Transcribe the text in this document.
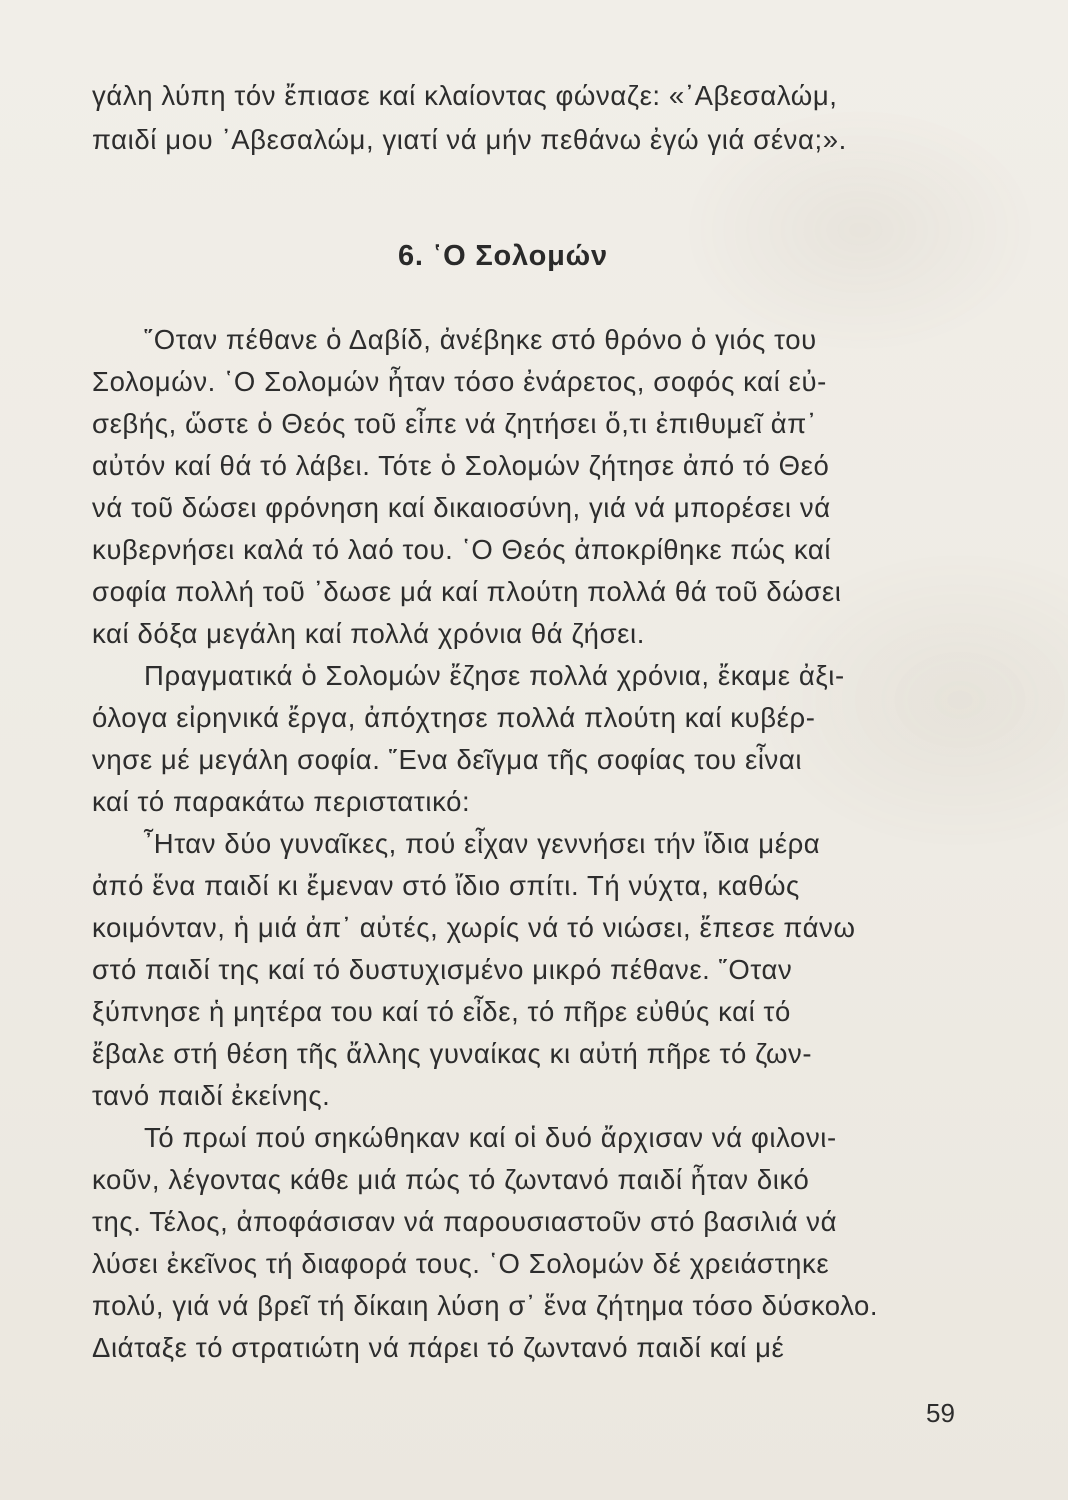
γάλη λύπη τόν ἔπιασε καί κλαίοντας φώναζε: «᾿Αβεσαλώμ,
παιδί μου ᾿Αβεσαλώμ, γιατί νά μήν πεθάνω ἐγώ γιά σένα;».
6. ῾Ο Σολομών
῞Οταν πέθανε ὁ Δαβίδ, ἀνέβηκε στό θρόνο ὁ γιός του
Σολομών. ῾Ο Σολομών ἦταν τόσο ἐνάρετος, σοφός καί εὐ-
σεβής, ὥστε ὁ Θεός τοῦ εἶπε νά ζητήσει ὅ,τι ἐπιθυμεῖ ἀπ᾿
αὐτόν καί θά τό λάβει. Τότε ὁ Σολομών ζήτησε ἀπό τό Θεό
νά τοῦ δώσει φρόνηση καί δικαιοσύνη, γιά νά μπορέσει νά
κυβερνήσει καλά τό λαό του. ῾Ο Θεός ἀποκρίθηκε πώς καί
σοφία πολλή τοῦ ᾿δωσε μά καί πλούτη πολλά θά τοῦ δώσει
καί δόξα μεγάλη καί πολλά χρόνια θά ζήσει.
Πραγματικά ὁ Σολομών ἔζησε πολλά χρόνια, ἔκαμε ἀξι-
όλογα εἰρηνικά ἔργα, ἀπόχτησε πολλά πλούτη καί κυβέρ-
νησε μέ μεγάλη σοφία. ῞Ενα δεῖγμα τῆς σοφίας του εἶναι
καί τό παρακάτω περιστατικό:
῏Ηταν δύο γυναῖκες, πού εἶχαν γεννήσει τήν ἴδια μέρα
ἀπό ἕνα παιδί κι ἔμεναν στό ἴδιο σπίτι. Τή νύχτα, καθώς
κοιμόνταν, ἡ μιά ἀπ᾿ αὐτές, χωρίς νά τό νιώσει, ἔπεσε πάνω
στό παιδί της καί τό δυστυχισμένο μικρό πέθανε. ῞Οταν
ξύπνησε ἡ μητέρα του καί τό εἶδε, τό πῆρε εὐθύς καί τό
ἔβαλε στή θέση τῆς ἄλλης γυναίκας κι αὐτή πῆρε τό ζων-
τανό παιδί ἐκείνης.
Τό πρωί πού σηκώθηκαν καί οἱ δυό ἄρχισαν νά φιλονι-
κοῦν, λέγοντας κάθε μιά πώς τό ζωντανό παιδί ἦταν δικό
της. Τέλος, ἀποφάσισαν νά παρουσιαστοῦν στό βασιλιά νά
λύσει ἐκεῖνος τή διαφορά τους. ῾Ο Σολομών δέ χρειάστηκε
πολύ, γιά νά βρεῖ τή δίκαιη λύση σ᾿ ἕνα ζήτημα τόσο δύσκολο.
Διάταξε τό στρατιώτη νά πάρει τό ζωντανό παιδί καί μέ
59
